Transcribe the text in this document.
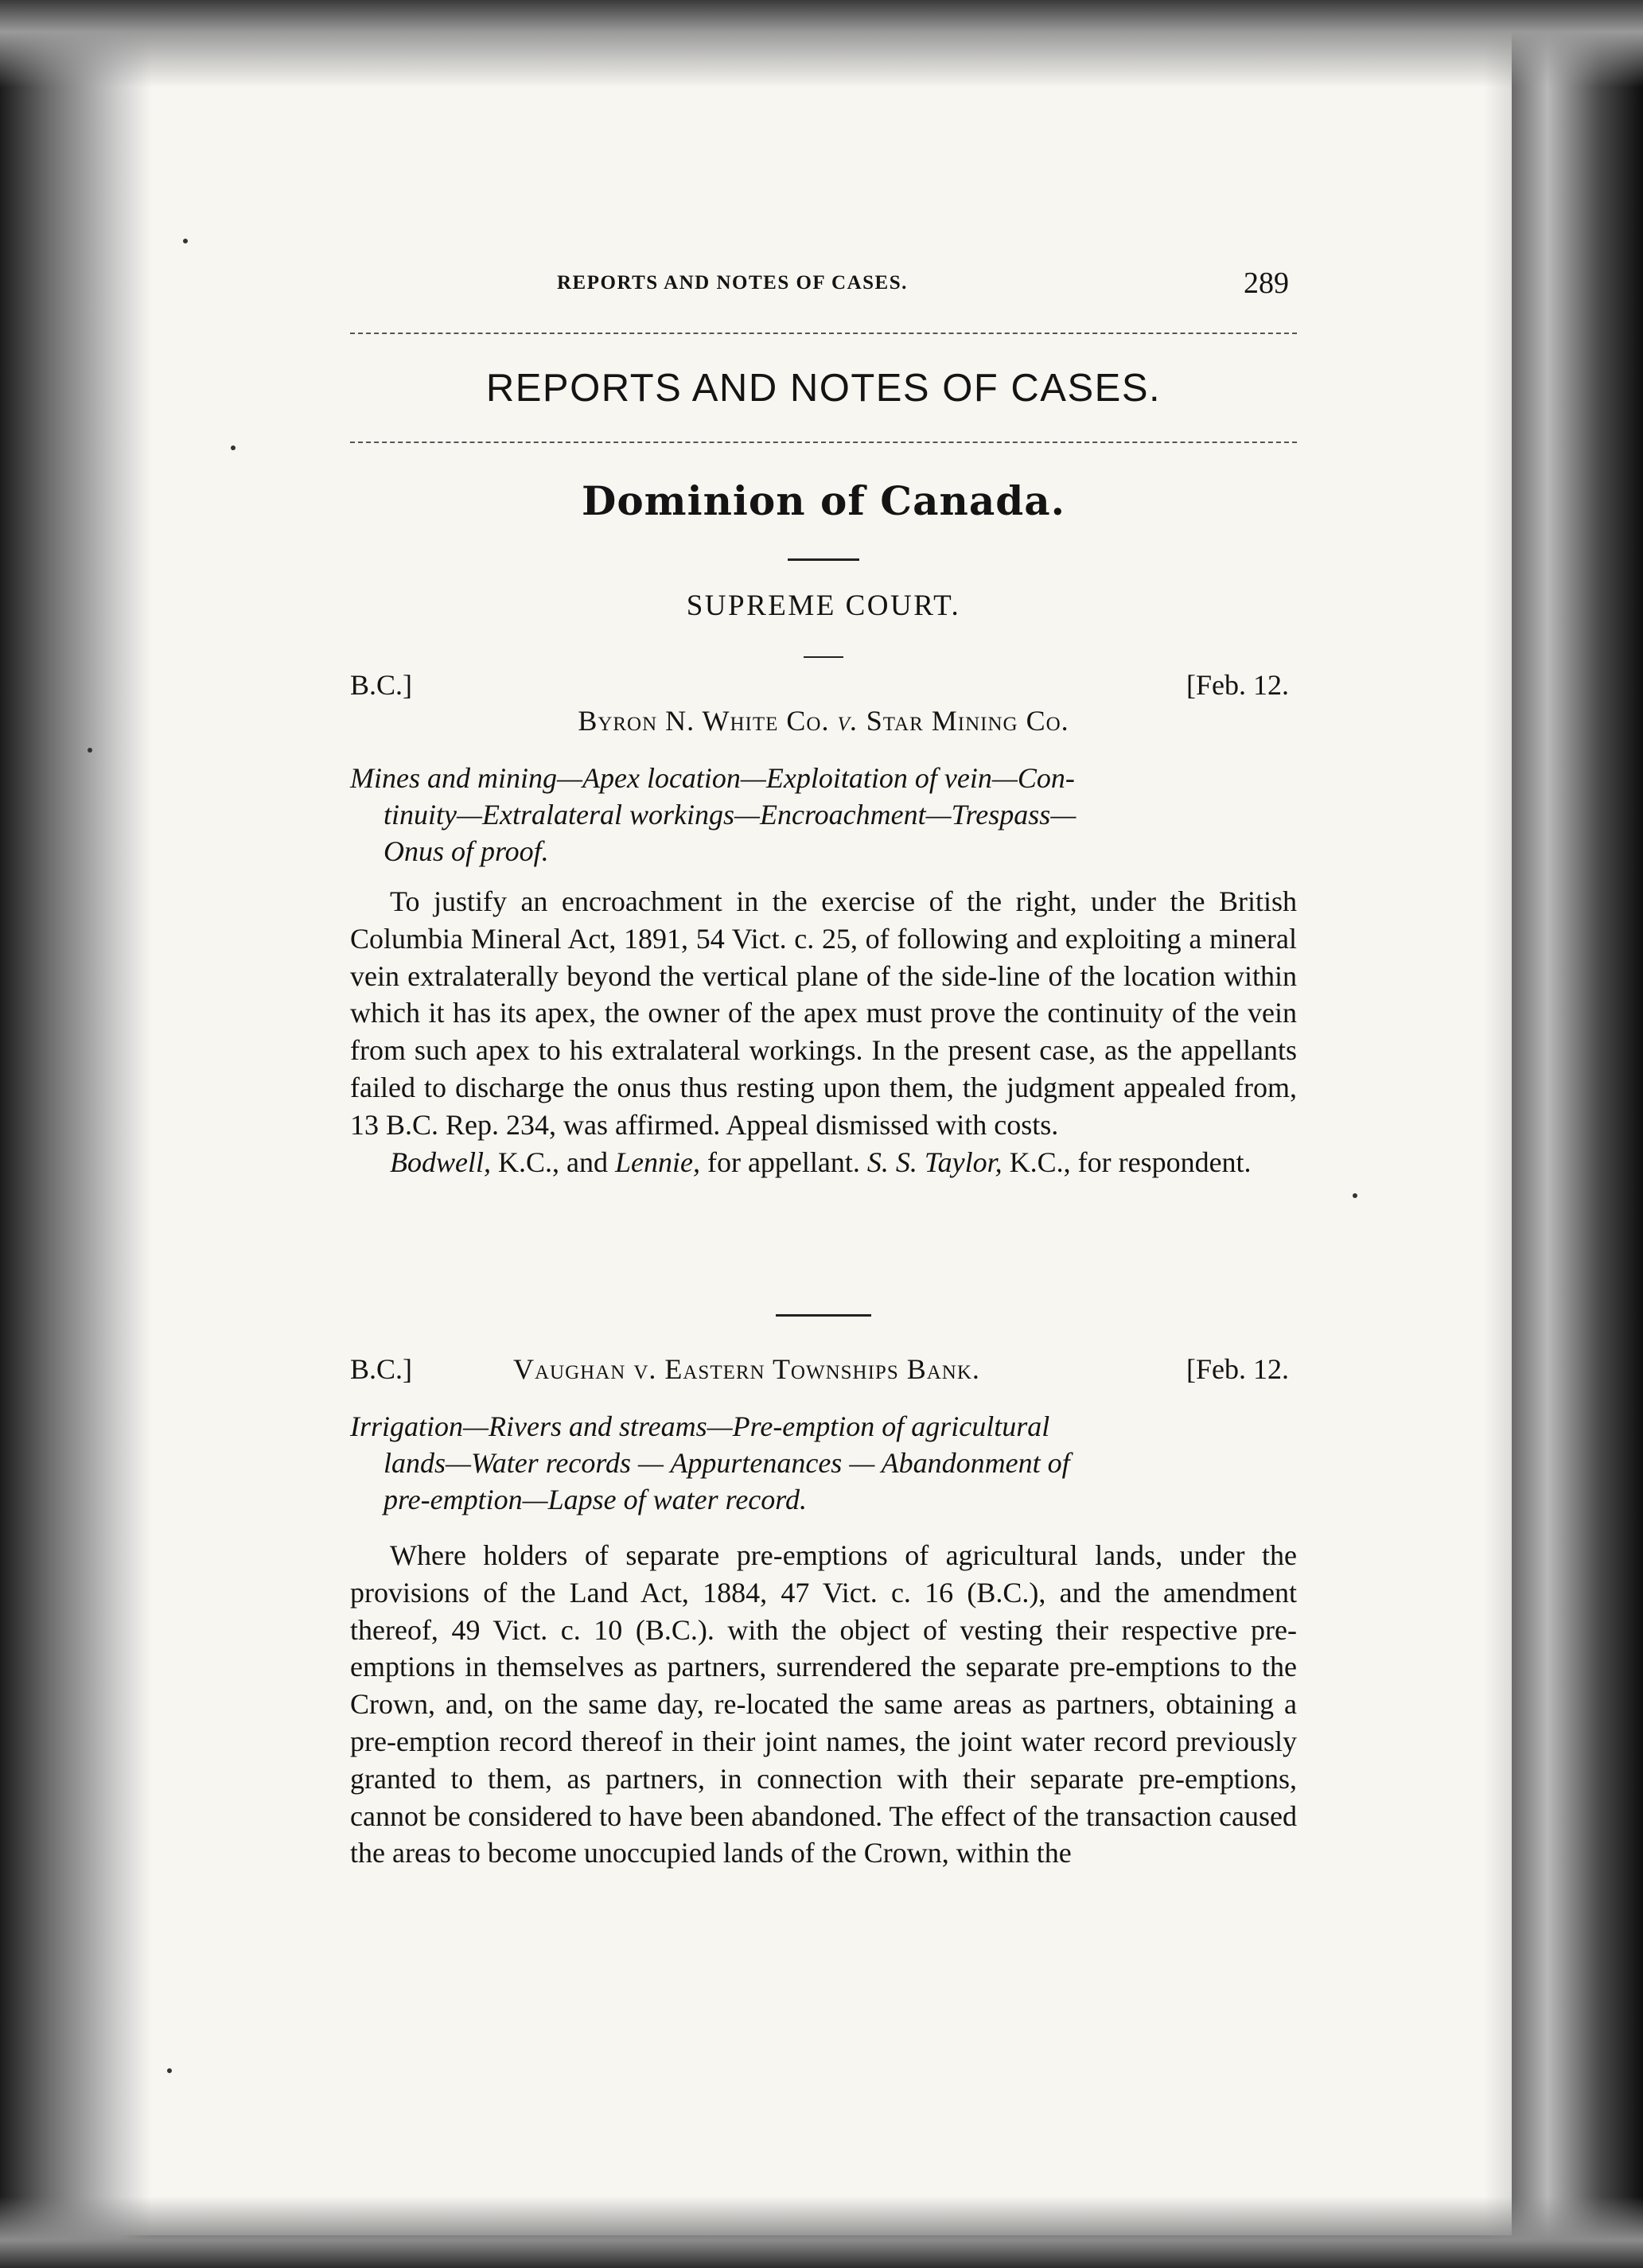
REPORTS AND NOTES OF CASES.	289
REPORTS AND NOTES OF CASES.
Dominion of Canada.
SUPREME COURT.
B.C.]	[Feb. 12.
Byron N. White Co. v. Star Mining Co.
Mines and mining—Apex location—Exploitation of vein—Con-
tinuity—Extralateral workings—Encroachment—Trespass—
Onus of proof.

To justify an encroachment in the exercise of the right, under the British Columbia Mineral Act, 1891, 54 Vict. c. 25, of following and exploiting a mineral vein extralaterally beyond the vertical plane of the side-line of the location within which it has its apex, the owner of the apex must prove the continuity of the vein from such apex to his extralateral workings. In the present case, as the appellants failed to discharge the onus thus resting upon them, the judgment appealed from, 13 B.C. Rep. 234, was affirmed. Appeal dismissed with costs.

Bodwell, K.C., and Lennie, for appellant. S. S. Taylor, K.C., for respondent.

B.C.]	Vaughan v. Eastern Townships Bank.	[Feb. 12.
Irrigation—Rivers and streams—Pre-emption of agricultural
lands—Water records — Appurtenances — Abandonment of
pre-emption—Lapse of water record.

Where holders of separate pre-emptions of agricultural lands, under the provisions of the Land Act, 1884, 47 Vict. c. 16 (B.C.), and the amendment thereof, 49 Vict. c. 10 (B.C.). with the object of vesting their respective pre-emptions in themselves as partners, surrendered the separate pre-emptions to the Crown, and, on the same day, re-located the same areas as partners, obtaining a pre-emption record thereof in their joint names, the joint water record previously granted to them, as partners, in connection with their separate pre-emptions, cannot be considered to have been abandoned. The effect of the transaction caused the areas to become unoccupied lands of the Crown, within the
